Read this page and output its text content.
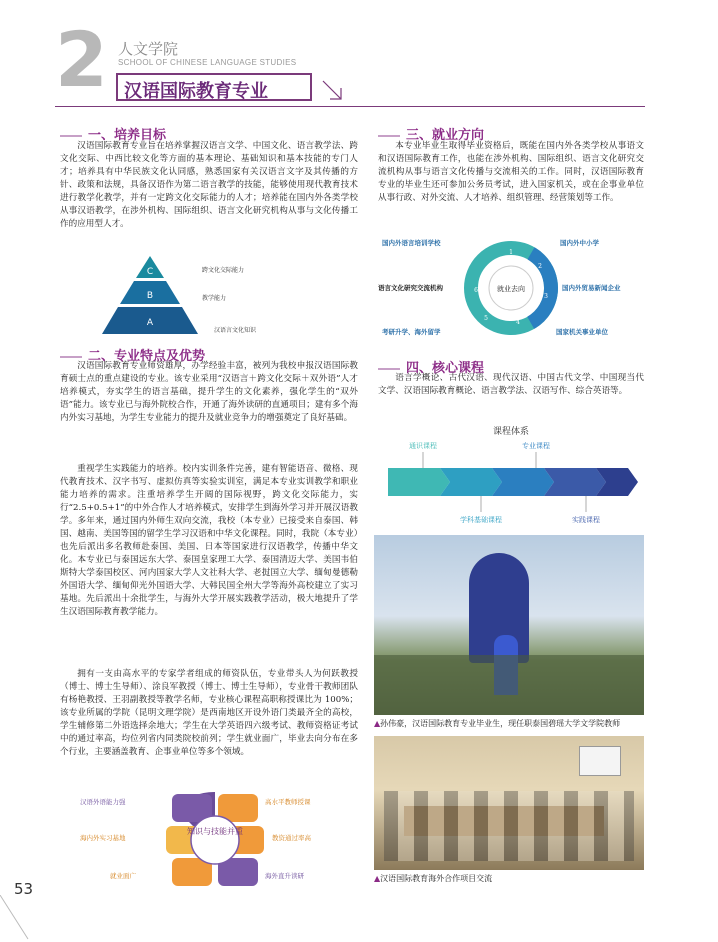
2 人文学院
SCHOOL OF CHINESE LANGUAGE STUDIES
汉语国际教育专业
一、培养目标
汉语国际教育专业旨在培养掌握汉语言文学、中国文化、语言教学法、跨文化交际、中西比较文化等方面的基本理论、基础知识和基本技能的专门人才；培养具有中华民族文化认同感，熟悉国家有关汉语言文字及其传播的方针、政策和法规，具备汉语作为第二语言教学的技能，能够使用现代教育技术进行教学化教学，并有一定跨文化交际能力的人才；培养能在国内外各类学校从事汉语教学，在涉外机构、国际组织、语言文化研究机构从事与文化传播工作的应用型人才。
C
B
A
跨文化交际能力
教学能力
汉语言文化知识
二、专业特点及优势
汉语国际教育专业师资雄厚，办学经验丰富，被列为我校申报汉语国际教育硕士点的重点建设的专业。该专业采用“汉语言＋跨文化交际＋双外语”人才培养模式，夯实学生的语言基础，提升学生的文化素养，强化学生的“双外语”能力。该专业已与海外院校合作，开通了海外读研的直通项目；建有多个海内外实习基地，为学生专业能力的提升及就业竞争力的增强奠定了良好基础。
重视学生实践能力的培养。校内实训条件完善，建有智能语音、微格、现代教育技术、汉字书写、虚拟仿真等实验实训室，满足本专业实训教学和职业能力培养的需求。注重培养学生开阔的国际视野，跨文化交际能力，实行“2.5+0.5+1”的中外合作人才培养模式，安排学生到海外学习并开展汉语教学。多年来，通过国内外师生双向交流，我校（本专业）已接受来自泰国、韩国、越南、美国等国的留学生学习汉语和中华文化课程。同时，我院（本专业）也先后派出多名教师赴泰国、美国、日本等国家进行汉语教学，传播中华文化。本专业已与泰国远东大学、泰国皇家理工大学、泰国清迈大学、美国韦伯斯特大学泰国校区、河内国家大学人文社科大学、老挝国立大学、缅甸曼德勒外国语大学、缅甸仰光外国语大学、大韩民国全州大学等海外高校建立了实习基地。先后派出十余批学生，与海外大学开展实践教学活动，极大地提升了学生汉语国际教育教学能力。
拥有一支由高水平的专家学者组成的师资队伍，专业带头人为何跃教授（博士、博士生导师）、涂良军教授（博士、博士生导师），专业骨干教师团队有杨艳教授、王羽副教授等教学名师，专业核心课程高职称授课比为 100%；该专业所属的学院（昆明文理学院）是西南地区开设外语门类最齐全的高校，学生辅修第二外语选择余地大；学生在大学英语四六级考试、教师资格证考试中的通过率高，均位列省内同类院校前列；学生就业面广，毕业去向分布在多个行业，主要涵盖教育、企事业单位等多个领域。
知识与技能并重
汉语外语能力强	高水平教师授课
海内外实习基地	教资通过率高
就业面广	海外直升读研
三、就业方向
本专业毕业生取得毕业资格后，既能在国内外各类学校从事语文和汉语国际教育工作，也能在涉外机构、国际组织、语言文化研究交流机构从事与语言文化传播与交流相关的工作。同时，汉语国际教育专业的毕业生还可参加公务员考试，进入国家机关，或在企事业单位从事行政、对外交流、人才培养、组织管理、经营策划等工作。
就业去向
1
2
3
4
5
6
国内外语言培训学校	国内外中小学
国内外贸易新闻企业
国家机关事业单位
考研升学、海外留学
语言文化研究交流机构
四、核心课程
语言学概论、古代汉语、现代汉语、中国古代文学、中国现当代文学、汉语国际教育概论、语言教学法、汉语写作、综合英语等。
课程体系
通识课程	专业课程
学科基础课程	实践课程
▲ 孙伟豪，汉语国际教育专业毕业生，现任职泰国碧瑶大学文学院教师
▲ 汉语国际教育海外合作项目交流
53
